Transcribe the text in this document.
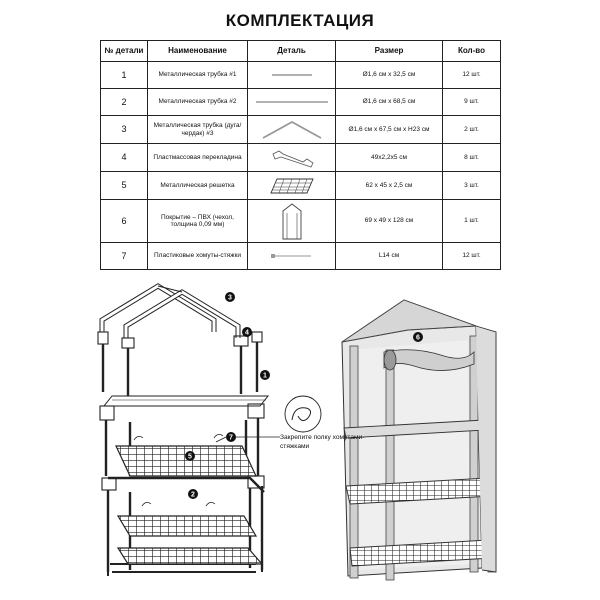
КОМПЛЕКТАЦИЯ
№ детали	Наименование	Деталь	Размер	Кол-во
1	Металлическая трубка #1		Ø1,6 см x 32,5 см	12 шт.
2	Металлическая трубка #2		Ø1,6 см x 68,5 см	9 шт.
3	Металлическая трубка (дуга/чердак) #3		Ø1,6 см x 67,5 см x H23 см	2 шт.
4	Пластмассовая перекладина		49x2,2x5 см	8 шт.
5	Металлическая решетка		62 x 45 x 2,5 см	3 шт.
6	Покрытие – ПВХ (чехол, толщина 0,09 мм)		69 x 49 x 128 см	1 шт.
7	Пластиковые хомуты-стяжки		L14 см	12 шт.
1
2
3
4
5
6
7	Закрепите полку хомутами-стяжками
